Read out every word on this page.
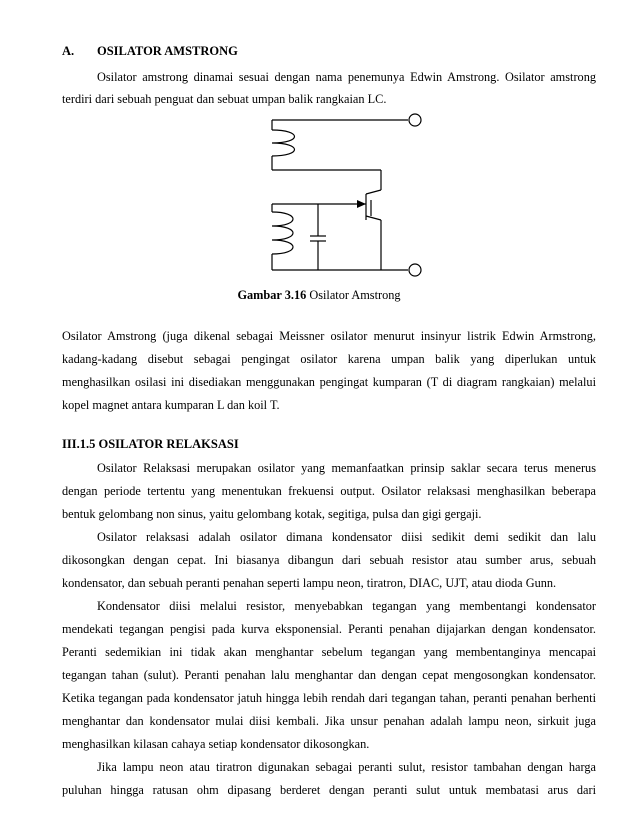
A. OSILATOR AMSTRONG
Osilator amstrong dinamai sesuai dengan nama penemunya Edwin Amstrong. Osilator amstrong
terdiri dari sebuah penguat dan sebuat umpan balik rangkaian LC.
Gambar 3.16 Osilator Amstrong
Osilator Amstrong (juga dikenal sebagai Meissner osilator menurut insinyur listrik Edwin Armstrong,
kadang-kadang disebut sebagai pengingat osilator karena umpan balik yang diperlukan untuk
menghasilkan osilasi ini disediakan menggunakan pengingat kumparan (T di diagram rangkaian) melalui
kopel magnet antara kumparan L dan koil T.
III.1.5 OSILATOR RELAKSASI
Osilator Relaksasi merupakan osilator yang memanfaatkan prinsip saklar secara terus menerus
dengan periode tertentu yang menentukan frekuensi output. Osilator relaksasi menghasilkan beberapa
bentuk gelombang non sinus, yaitu gelombang kotak, segitiga, pulsa dan gigi gergaji.
Osilator relaksasi adalah osilator dimana kondensator diisi sedikit demi sedikit dan lalu
dikosongkan dengan cepat. Ini biasanya dibangun dari sebuah resistor atau sumber arus, sebuah
kondensator, dan sebuah peranti penahan seperti lampu neon, tiratron, DIAC, UJT, atau dioda Gunn.
Kondensator diisi melalui resistor, menyebabkan tegangan yang membentangi kondensator
mendekati tegangan pengisi pada kurva eksponensial. Peranti penahan dijajarkan dengan kondensator.
Peranti sedemikian ini tidak akan menghantar sebelum tegangan yang membentanginya mencapai
tegangan tahan (sulut). Peranti penahan lalu menghantar dan dengan cepat mengosongkan kondensator.
Ketika tegangan pada kondensator jatuh hingga lebih rendah dari tegangan tahan, peranti penahan berhenti
menghantar dan kondensator mulai diisi kembali. Jika unsur penahan adalah lampu neon, sirkuit juga
menghasilkan kilasan cahaya setiap kondensator dikosongkan.
Jika lampu neon atau tiratron digunakan sebagai peranti sulut, resistor tambahan dengan harga
puluhan hingga ratusan ohm dipasang berderet dengan peranti sulut untuk membatasi arus dari
